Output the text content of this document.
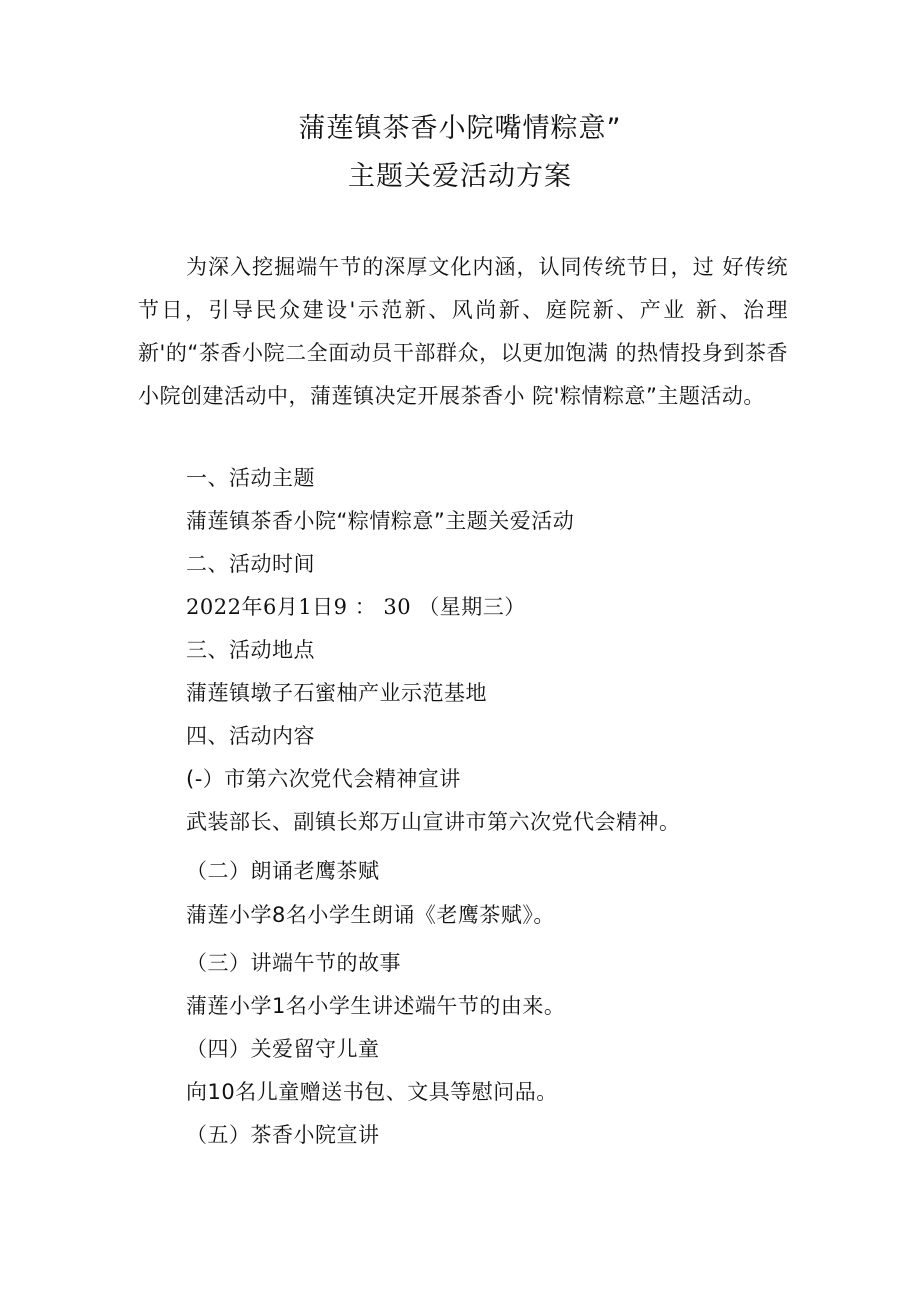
蒲莲镇茶香小院嘴情粽意”
主题关爱活动方案

为深入挖掘端午节的深厚文化内涵，认同传统节日，过 好传统节日，引导民众建设'示范新、风尚新、庭院新、产业 新、治理新'的“茶香小院二全面动员干部群众，以更加饱满 的热情投身到茶香小院创建活动中，蒲莲镇决定开展茶香小 院'粽情粽意”主题活动。

一、活动主题

蒲莲镇茶香小院“粽情粽意”主题关爱活动

二、活动时间

2022年6月1日9 ： 30 （星期三）

三、活动地点

蒲莲镇墩子石蜜柚产业示范基地

四、活动内容

(-）市第六次党代会精神宣讲

武装部长、副镇长郑万山宣讲市第六次党代会精神。

（二）朗诵老鹰茶赋

蒲莲小学8名小学生朗诵《老鹰茶赋》。

（三）讲端午节的故事

蒲莲小学1名小学生讲述端午节的由来。

（四）关爱留守儿童

向10名儿童赠送书包、文具等慰问品。

（五）茶香小院宣讲
